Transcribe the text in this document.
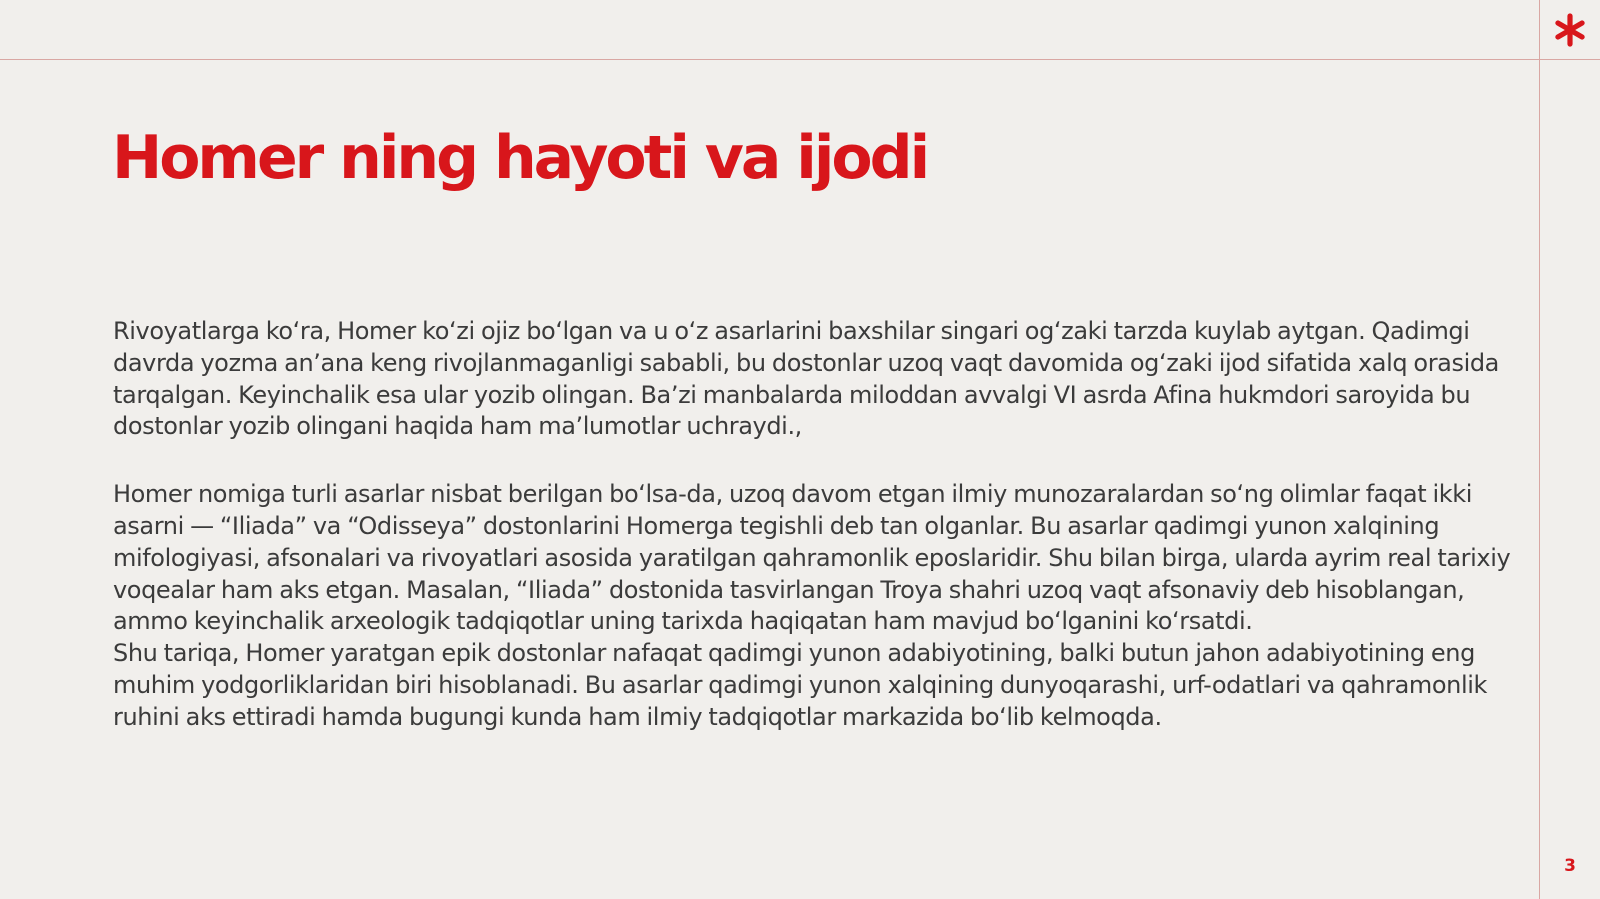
Homer ning hayoti va ijodi

Rivoyatlarga koʻra, Homer koʻzi ojiz boʻlgan va u oʻz asarlarini baxshilar singari ogʻzaki tarzda kuylab aytgan. Qadimgi davrda yozma anʼana keng rivojlanmaganligi sababli, bu dostonlar uzoq vaqt davomida ogʻzaki ijod sifatida xalq orasida tarqalgan. Keyinchalik esa ular yozib olingan. Baʼzi manbalarda miloddan avvalgi VI asrda Afina hukmdori saroyida bu dostonlar yozib olingani haqida ham maʼlumotlar uchraydi.,

Homer nomiga turli asarlar nisbat berilgan boʻlsa-da, uzoq davom etgan ilmiy munozaralardan soʻng olimlar faqat ikki asarni — “Iliada” va “Odisseya” dostonlarini Homerga tegishli deb tan olganlar. Bu asarlar qadimgi yunon xalqining mifologiyasi, afsonalari va rivoyatlari asosida yaratilgan qahramonlik eposlaridir. Shu bilan birga, ularda ayrim real tarixiy voqealar ham aks etgan. Masalan, “Iliada” dostonida tasvirlangan Troya shahri uzoq vaqt afsonaviy deb hisoblangan, ammo keyinchalik arxeologik tadqiqotlar uning tarixda haqiqatan ham mavjud boʻlganini koʻrsatdi.

Shu tariqa, Homer yaratgan epik dostonlar nafaqat qadimgi yunon adabiyotining, balki butun jahon adabiyotining eng muhim yodgorliklaridan biri hisoblanadi. Bu asarlar qadimgi yunon xalqining dunyoqarashi, urf-odatlari va qahramonlik ruhini aks ettiradi hamda bugungi kunda ham ilmiy tadqiqotlar markazida boʻlib kelmoqda.

3
